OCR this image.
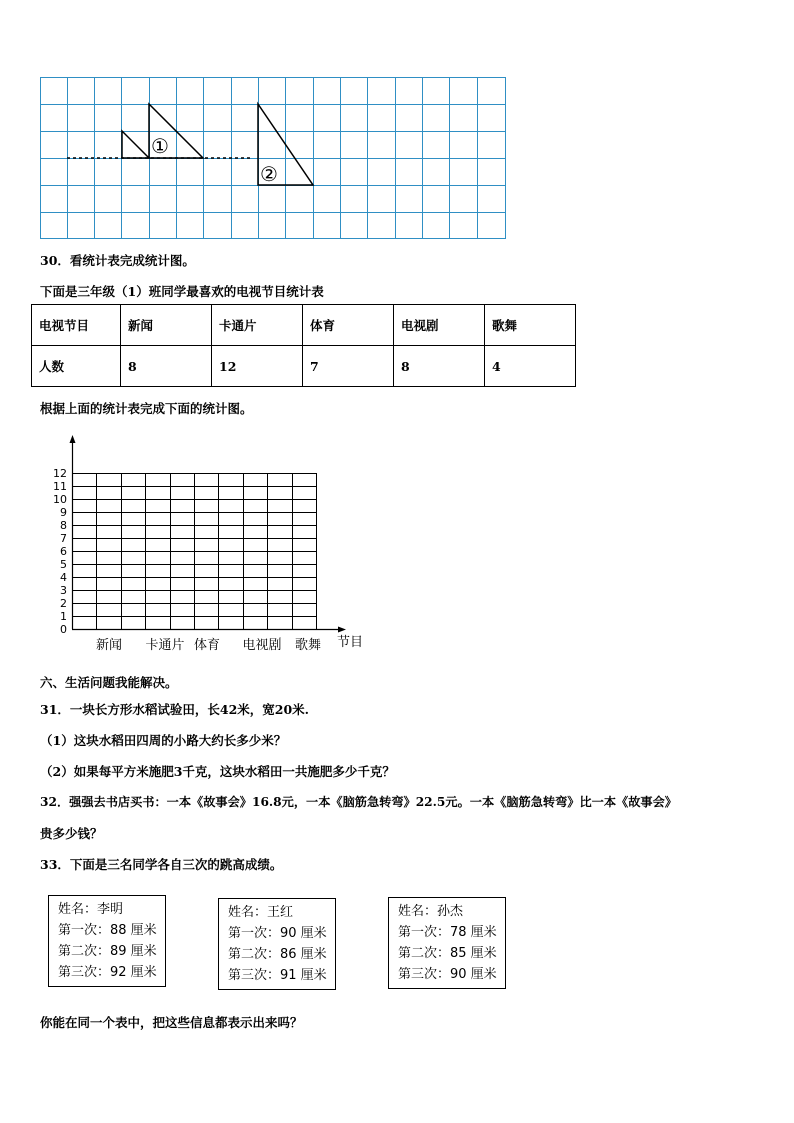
①
②
30．看统计表完成统计图。
下面是三年级（1）班同学最喜欢的电视节目统计表
电视节目	新闻	卡通片	体育	电视剧	歌舞
人数	8	12	7	8	4
根据上面的统计表完成下面的统计图。
0
1
2
3
4
5
6
7
8
9
10
11
12
新闻 卡通片 体育 电视剧 歌舞 节目
六、生活问题我能解决。
31．一块长方形水稻试验田，长42米，宽20米.
（1）这块水稻田四周的小路大约长多少米？
（2）如果每平方米施肥3千克，这块水稻田一共施肥多少千克？
32．强强去书店买书：一本《故事会》16.8元，一本《脑筋急转弯》22.5元。一本《脑筋急转弯》比一本《故事会》
贵多少钱？
33．下面是三名同学各自三次的跳高成绩。
姓名：李明
第一次：88 厘米
第二次：89 厘米
第三次：92 厘米
姓名：王红
第一次：90 厘米
第二次：86 厘米
第三次：91 厘米
姓名：孙杰
第一次：78 厘米
第二次：85 厘米
第三次：90 厘米
你能在同一个表中，把这些信息都表示出来吗？
